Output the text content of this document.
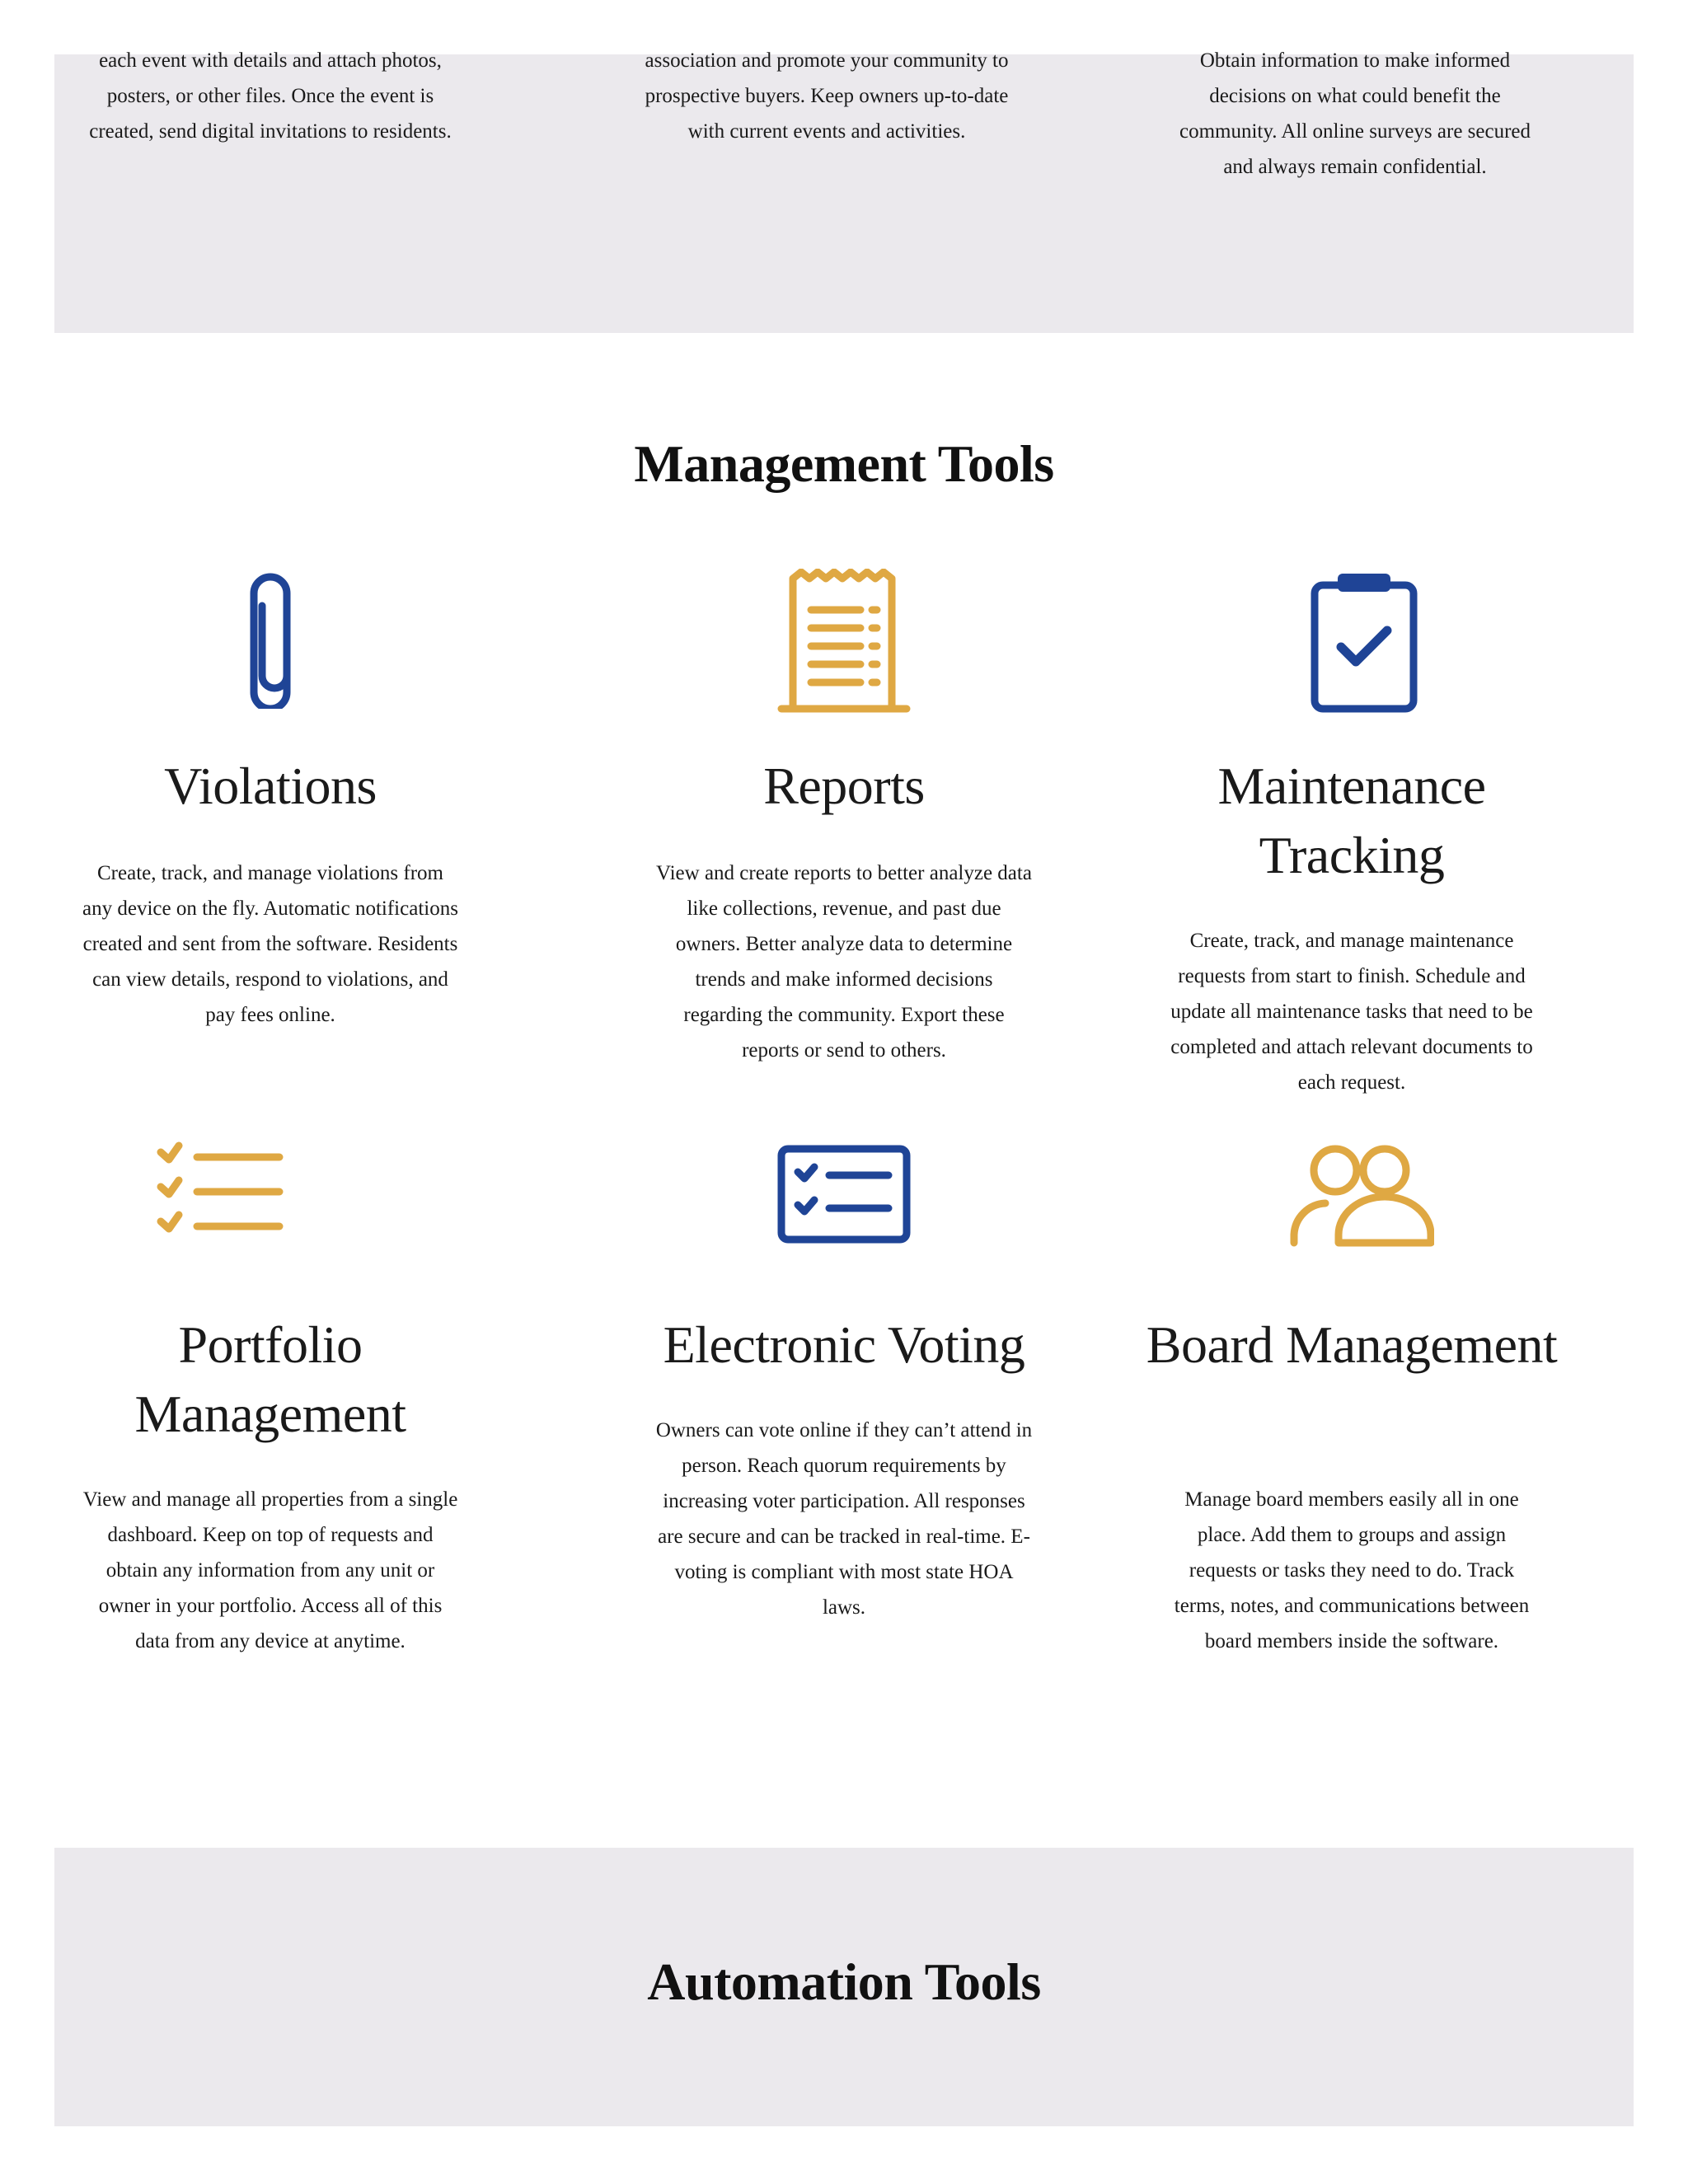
each event with details and attach photos, posters, or other files. Once the event is created, send digital invitations to residents.
association and promote your community to prospective buyers. Keep owners up-to-date with current events and activities.
Obtain information to make informed decisions on what could benefit the community. All online surveys are secured and always remain confidential.
Management Tools
Violations

Create, track, and manage violations from any device on the fly. Automatic notifications created and sent from the software. Residents can view details, respond to violations, and pay fees online.

Reports

View and create reports to better analyze data like collections, revenue, and past due owners. Better analyze data to determine trends and make informed decisions regarding the community. Export these reports or send to others.

Maintenance Tracking

Create, track, and manage maintenance requests from start to finish. Schedule and update all maintenance tasks that need to be completed and attach relevant documents to each request.

Portfolio Management

View and manage all properties from a single dashboard. Keep on top of requests and obtain any information from any unit or owner in your portfolio. Access all of this data from any device at anytime.

Electronic Voting

Owners can vote online if they can’t attend in person. Reach quorum requirements by increasing voter participation. All responses are secure and can be tracked in real-time. E-voting is compliant with most state HOA laws.

Board Management

Manage board members easily all in one place. Add them to groups and assign requests or tasks they need to do. Track terms, notes, and communications between board members inside the software.

Automation Tools
